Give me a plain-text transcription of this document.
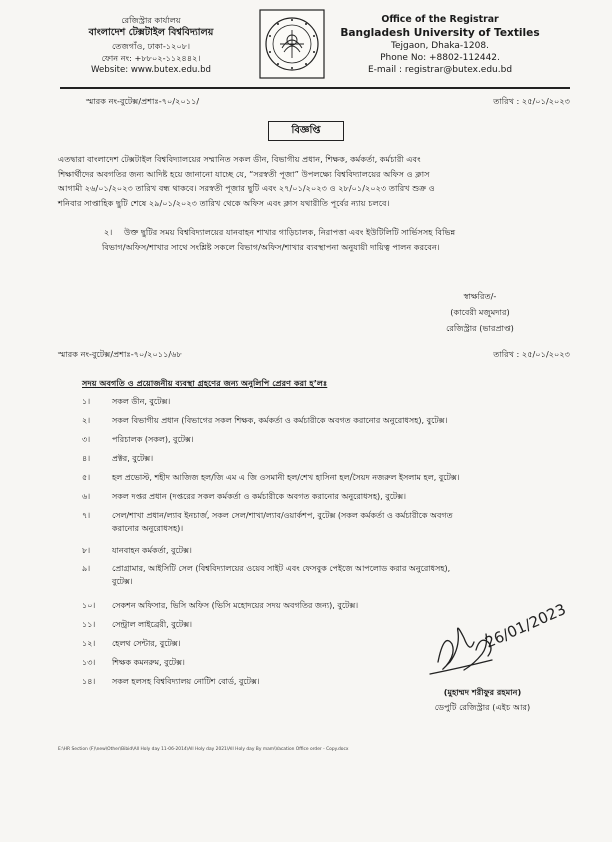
রেজিস্ট্রার কার্যালয়
বাংলাদেশ টেক্সটাইল বিশ্ববিদ্যালয়
তেজগাঁও, ঢাকা-১২০৮।
ফোন নং: +৮৮০২-১১২৪৪২।
Website: www.butex.edu.bd
Office of the Registrar
Bangladesh University of Textiles
Tejgaon, Dhaka-1208.
Phone No: +8802-112442.
E-mail : registrar@butex.edu.bd
স্মারক নং-বুটেক্স/প্রশাঃ-৭০/২০১১/	তারিখ : ২৫/০১/২০২৩
বিজ্ঞপ্তি
এতদ্বারা বাংলাদেশ টেক্সটাইল বিশ্ববিদ্যালয়ের সম্মানিত সকল ডীন, বিভাগীয় প্রধান, শিক্ষক, কর্মকর্তা, কর্মচারী এবং
শিক্ষার্থীদের অবগতির জন্য আদিষ্ট হয়ে জানানো যাচ্ছে যে, “সরস্বতী পূজা” উপলক্ষ্যে বিশ্ববিদ্যালয়ের অফিস ও ক্লাস
আগামী ২৬/০১/২০২৩ তারিখ বন্ধ থাকবে। সরস্বতী পূজার ছুটি এবং ২৭/০১/২০২৩ ও ২৮/০১/২০২৩ তারিখ শুক্র ও
শনিবার সাপ্তাহিক ছুটি শেষে ২৯/০১/২০২৩ তারিখ থেকে অফিস এবং ক্লাস যথারীতি পূর্বের ন্যায় চলবে।
২।	উক্ত ছুটির সময় বিশ্ববিদ্যালয়ের যানবাহন শাখার গাড়িচালক, নিরাপত্তা এবং ইউটিলিটি সার্ভিসসহ বিভিন্ন
বিভাগ/অফিস/শাখার সাথে সংশ্লিষ্ট সকলে বিভাগ/অফিস/শাখার ব্যবস্থাপনা অনুযায়ী দায়িত্ব পালন করবেন।
স্বাক্ষরিত/-
(কাবেরী মজুমদার)
রেজিস্ট্রার (ভারপ্রাপ্ত)
স্মারক নং-বুটেক্স/প্রশাঃ-৭০/২০১১/৬৮	তারিখ : ২৫/০১/২০২৩
সদয় অবগতি ও প্রয়োজনীয় ব্যবস্থা গ্রহণের জন্য অনুলিপি প্রেরণ করা হ’লঃ
১।	সকল ডীন, বুটেক্স।
২।	সকল বিভাগীয় প্রধান (বিভাগের সকল শিক্ষক, কর্মকর্তা ও কর্মচারীকে অবগত করানোর অনুরোধসহ), বুটেক্স।
৩।	পরিচালক (সকল), বুটেক্স।
৪।	প্রক্টর, বুটেক্স।
৫।	হল প্রভোস্ট, শহীদ আজিজ হল/জি এম এ জি ওসমানী হল/শেখ হাসিনা হল/সৈয়দ নজরুল ইসলাম হল, বুটেক্স।
৬।	সকল দপ্তর প্রধান (দপ্তরের সকল কর্মকর্তা ও কর্মচারীকে অবগত করানোর অনুরোধসহ), বুটেক্স।
৭।	সেল/শাখা প্রধান/ল্যাব ইনচার্জ, সকল সেল/শাখা/ল্যাব/ওয়ার্কশপ, বুটেক্স (সকল কর্মকর্তা ও কর্মচারীকে অবগত
করানোর অনুরোধসহ)।
৮।	যানবাহন কর্মকর্তা, বুটেক্স।
৯।	প্রোগ্রামার, আইসিটি সেল (বিশ্ববিদ্যালয়ের ওয়েব সাইট এবং ফেসবুক পেইজে আপলোড করার অনুরোধসহ),
বুটেক্স।
১০।	সেকশন অফিসার, ভিসি অফিস (ভিসি মহোদয়ের সদয় অবগতির জন্য), বুটেক্স।
১১।	সেন্ট্রাল লাইব্রেরী, বুটেক্স।
১২।	হেলথ সেন্টার, বুটেক্স।
১৩।	শিক্ষক কমনরুম, বুটেক্স।
১৪।	সকল হলসহ বিশ্ববিদ্যালয় নোটিশ বোর্ড, বুটেক্স।
26/01/2023
(মুহাম্মদ শরীফুর রহমান)
ডেপুটি রেজিস্ট্রার (এইচ আর)
E:\HR Section (F)\new\Other\Bibid\All Holy day 11-06-2014\All Holy day 2021\All Holy day By mam\Vacation Office order - Copy.docx
